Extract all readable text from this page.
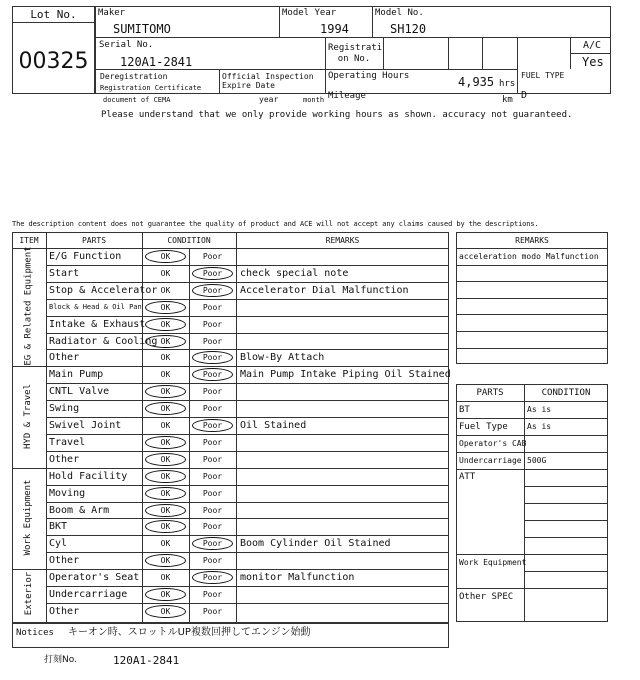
Lot No.
00325
Maker
SUMITOMO
Model Year
1994
Model No.
SH120
Serial No.
120A1-2841
Registrati on No.
A/C
Yes
Deregistration
Registration Certificate
document of CEMA
Official Inspection Expire Date
year	month
Operating Hours	4,935 hrs
Mileage	km
FUEL TYPE
D
Please understand that we only provide working hours as shown. accuracy not guaranteed.
The description content does not guarantee the quality of product and ACE will not accept any claims caused by the descriptions.
ITEM	PARTS	CONDITION	REMARKS
E/G Function	OK	Poor
Start	OK	Poor	check special note
Stop & Accelerator OK	Poor	Accelerator Dial Malfunction
Block & Head & Oil Pan	OK	Poor
Intake & Exhaust	OK	Poor
Radiator & Cooling OK	Poor
Other	OK	Poor	Blow-By Attach
EG & Related Equipment
Main Pump	OK	Poor	Main Pump Intake Piping Oil Stained
CNTL Valve	OK	Poor
Swing	OK	Poor
Swivel Joint	OK	Poor	Oil Stained
Travel	OK	Poor
Other	OK	Poor
HYD & Travel
Hold Facility	OK	Poor
Moving	OK	Poor
Boom & Arm	OK	Poor
BKT	OK	Poor
Cyl	OK	Poor	Boom Cylinder Oil Stained
Other	OK	Poor
Work Equipment
Operator's Seat	OK	Poor	monitor Malfunction
Undercarriage	OK	Poor
Other	OK	Poor
Exterior
Notices キーオン時、スロットルUP複数回押してエンジン始動
REMARKS
acceleration modo Malfunction
PARTS	CONDITION
BT	As is
Fuel Type As is
Operator's CAB
Undercarriage 500G
ATT
Work Equipment
Other SPEC
打刻No.	120A1-2841
